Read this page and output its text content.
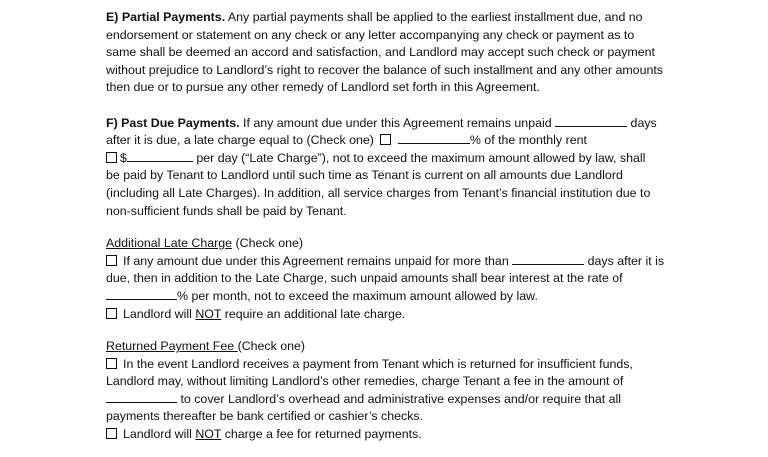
E) Partial Payments. Any partial payments shall be applied to the earliest installment due, and no
endorsement or statement on any check or any letter accompanying any check or payment as to
same shall be deemed an accord and satisfaction, and Landlord may accept such check or payment
without prejudice to Landlord’s right to recover the balance of such installment and any other amounts
then due or to pursue any other remedy of Landlord set forth in this Agreement.
F) Past Due Payments. If any amount due under this Agreement remains unpaid	days
after it is due, a late charge equal to (Check one)	% of the monthly rent
$	per day (“Late Charge”), not to exceed the maximum amount allowed by law, shall
be paid by Tenant to Landlord until such time as Tenant is current on all amounts due Landlord
(including all Late Charges). In addition, all service charges from Tenant’s financial institution due to
non-sufficient funds shall be paid by Tenant.
Additional Late Charge (Check one)
If any amount due under this Agreement remains unpaid for more than	days after it is
due, then in addition to the Late Charge, such unpaid amounts shall bear interest at the rate of
% per month, not to exceed the maximum amount allowed by law.
Landlord will NOT require an additional late charge.
Returned Payment Fee (Check one)
In the event Landlord receives a payment from Tenant which is returned for insufficient funds,
Landlord may, without limiting Landlord’s other remedies, charge Tenant a fee in the amount of
to cover Landlord’s overhead and administrative expenses and/or require that all
payments thereafter be bank certified or cashier’s checks.
Landlord will NOT charge a fee for returned payments.
